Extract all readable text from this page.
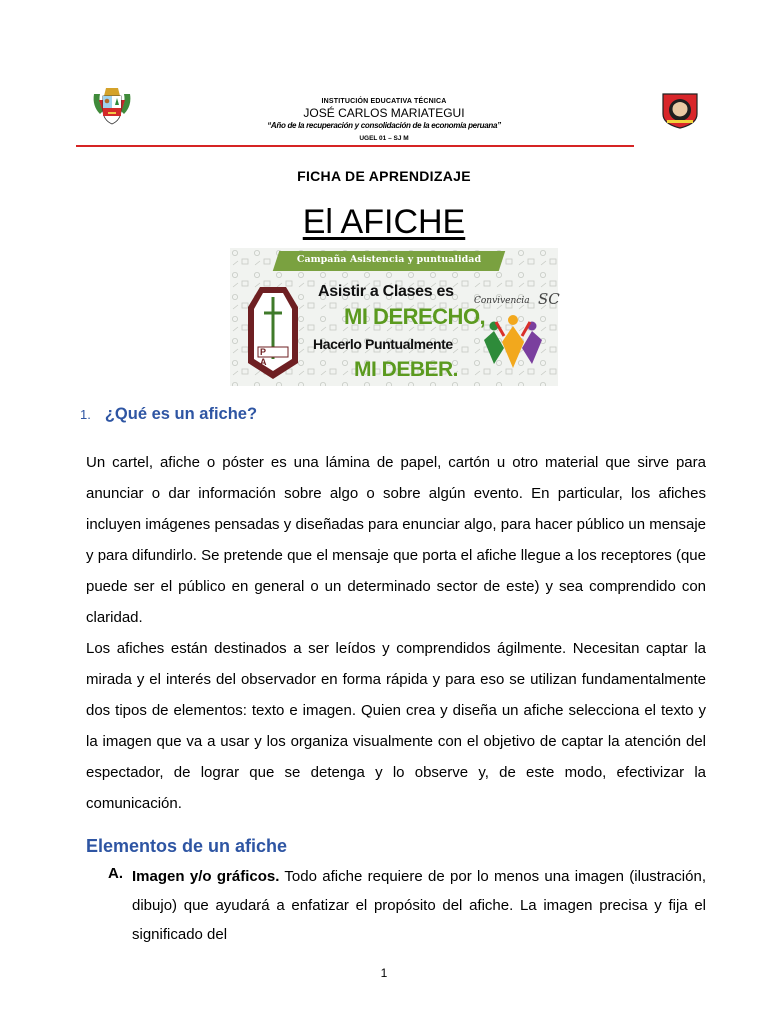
INSTITUCIÓN EDUCATIVA TÉCNICA
JOSÉ CARLOS MARIATEGUI
“Año de la recuperación y consolidación de la economía peruana”
UGEL 01 – SJ M
FICHA DE APRENDIZAJE
El AFICHE
Campaña Asistencia y puntualidad
P A
Asistir a Clases es
MI DERECHO,
Hacerlo Puntualmente
MI DEBER.
Convivencia SC
1. ¿Qué es un afiche?
Un cartel, afiche o póster es una lámina de papel, cartón u otro material que sirve para anunciar o dar información sobre algo o sobre algún evento. En particular, los afiches incluyen imágenes pensadas y diseñadas para enunciar algo, para hacer público un mensaje y para difundirlo. Se pretende que el mensaje que porta el afiche llegue a los receptores (que puede ser el público en general o un determinado sector de este) y sea comprendido con claridad.
Los afiches están destinados a ser leídos y comprendidos ágilmente. Necesitan captar la mirada y el interés del observador en forma rápida y para eso se utilizan fundamentalmente dos tipos de elementos: texto e imagen. Quien crea y diseña un afiche selecciona el texto y la imagen que va a usar y los organiza visualmente con el objetivo de captar la atención del espectador, de lograr que se detenga y lo observe y, de este modo, efectivizar la comunicación.
Elementos de un afiche
A. Imagen y/o gráficos. Todo afiche requiere de por lo menos una imagen (ilustración, dibujo) que ayudará a enfatizar el propósito del afiche. La imagen precisa y fija el significado del
1
